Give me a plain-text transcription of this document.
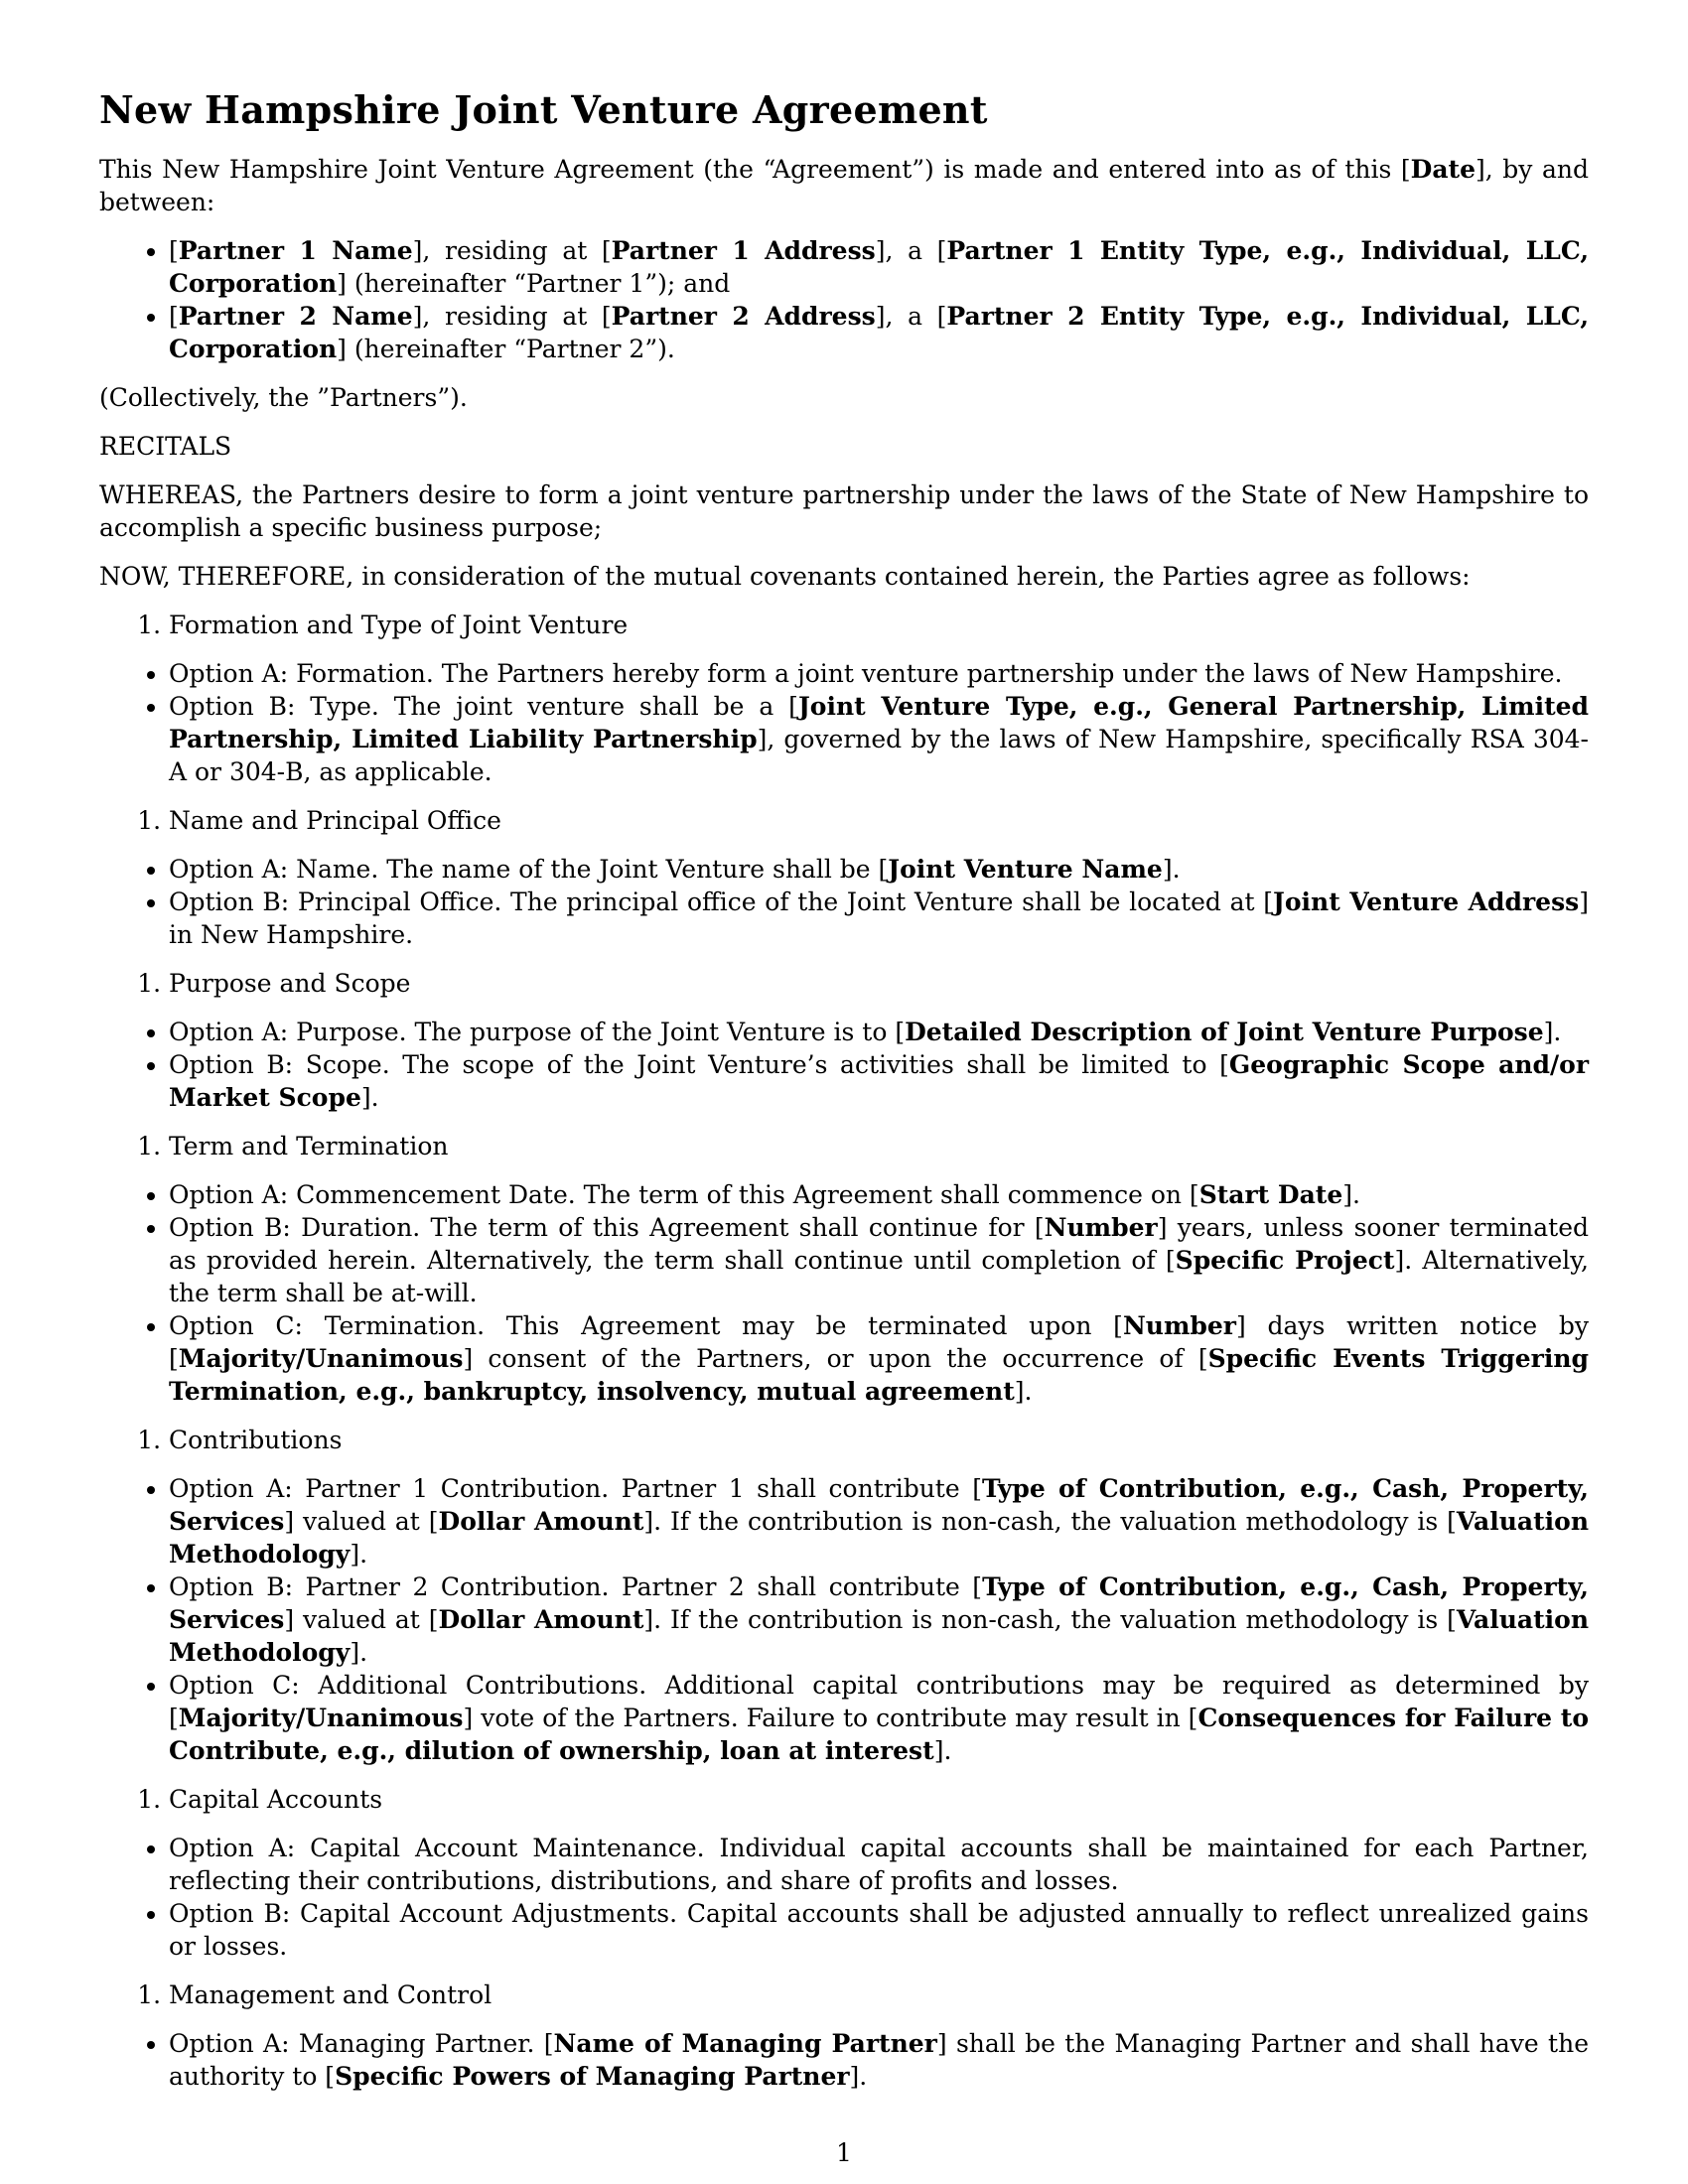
New Hampshire Joint Venture Agreement

This New Hampshire Joint Venture Agreement (the “Agreement”) is made and entered into as of this [Date], by and between:

• [Partner 1 Name], residing at [Partner 1 Address], a [Partner 1 Entity Type, e.g., Individual, LLC, Corporation] (hereinafter “Partner 1”); and
• [Partner 2 Name], residing at [Partner 2 Address], a [Partner 2 Entity Type, e.g., Individual, LLC, Corporation] (hereinafter “Partner 2”).

(Collectively, the ”Partners”).

RECITALS

WHEREAS, the Partners desire to form a joint venture partnership under the laws of the State of New Hampshire to accomplish a specific business purpose;

NOW, THEREFORE, in consideration of the mutual covenants contained herein, the Parties agree as follows:

1. Formation and Type of Joint Venture
• Option A: Formation. The Partners hereby form a joint venture partnership under the laws of New Hampshire.
• Option B: Type. The joint venture shall be a [Joint Venture Type, e.g., General Partnership, Limited Partnership, Limited Liability Partnership], governed by the laws of New Hampshire, specifically RSA 304-A or 304-B, as applicable.
1. Name and Principal Office
• Option A: Name. The name of the Joint Venture shall be [Joint Venture Name].
• Option B: Principal Office. The principal office of the Joint Venture shall be located at [Joint Venture Address] in New Hampshire.
1. Purpose and Scope
• Option A: Purpose. The purpose of the Joint Venture is to [Detailed Description of Joint Venture Purpose].
• Option B: Scope. The scope of the Joint Venture’s activities shall be limited to [Geographic Scope and/or Market Scope].
1. Term and Termination
• Option A: Commencement Date. The term of this Agreement shall commence on [Start Date].
• Option B: Duration. The term of this Agreement shall continue for [Number] years, unless sooner terminated as provided herein. Alternatively, the term shall continue until completion of [Specific Project]. Alternatively, the term shall be at-will.
• Option C: Termination. This Agreement may be terminated upon [Number] days written notice by [Majority/Unanimous] consent of the Partners, or upon the occurrence of [Specific Events Triggering Termination, e.g., bankruptcy, insolvency, mutual agreement].
1. Contributions
• Option A: Partner 1 Contribution. Partner 1 shall contribute [Type of Contribution, e.g., Cash, Property, Services] valued at [Dollar Amount]. If the contribution is non-cash, the valuation methodology is [Valuation Methodology].
• Option B: Partner 2 Contribution. Partner 2 shall contribute [Type of Contribution, e.g., Cash, Property, Services] valued at [Dollar Amount]. If the contribution is non-cash, the valuation methodology is [Valuation Methodology].
• Option C: Additional Contributions. Additional capital contributions may be required as determined by [Majority/Unanimous] vote of the Partners. Failure to contribute may result in [Consequences for Failure to Contribute, e.g., dilution of ownership, loan at interest].
1. Capital Accounts
• Option A: Capital Account Maintenance. Individual capital accounts shall be maintained for each Partner, reflecting their contributions, distributions, and share of profits and losses.
• Option B: Capital Account Adjustments. Capital accounts shall be adjusted annually to reflect unrealized gains or losses.
1. Management and Control
• Option A: Managing Partner. [Name of Managing Partner] shall be the Managing Partner and shall have the authority to [Specific Powers of Managing Partner].
1
